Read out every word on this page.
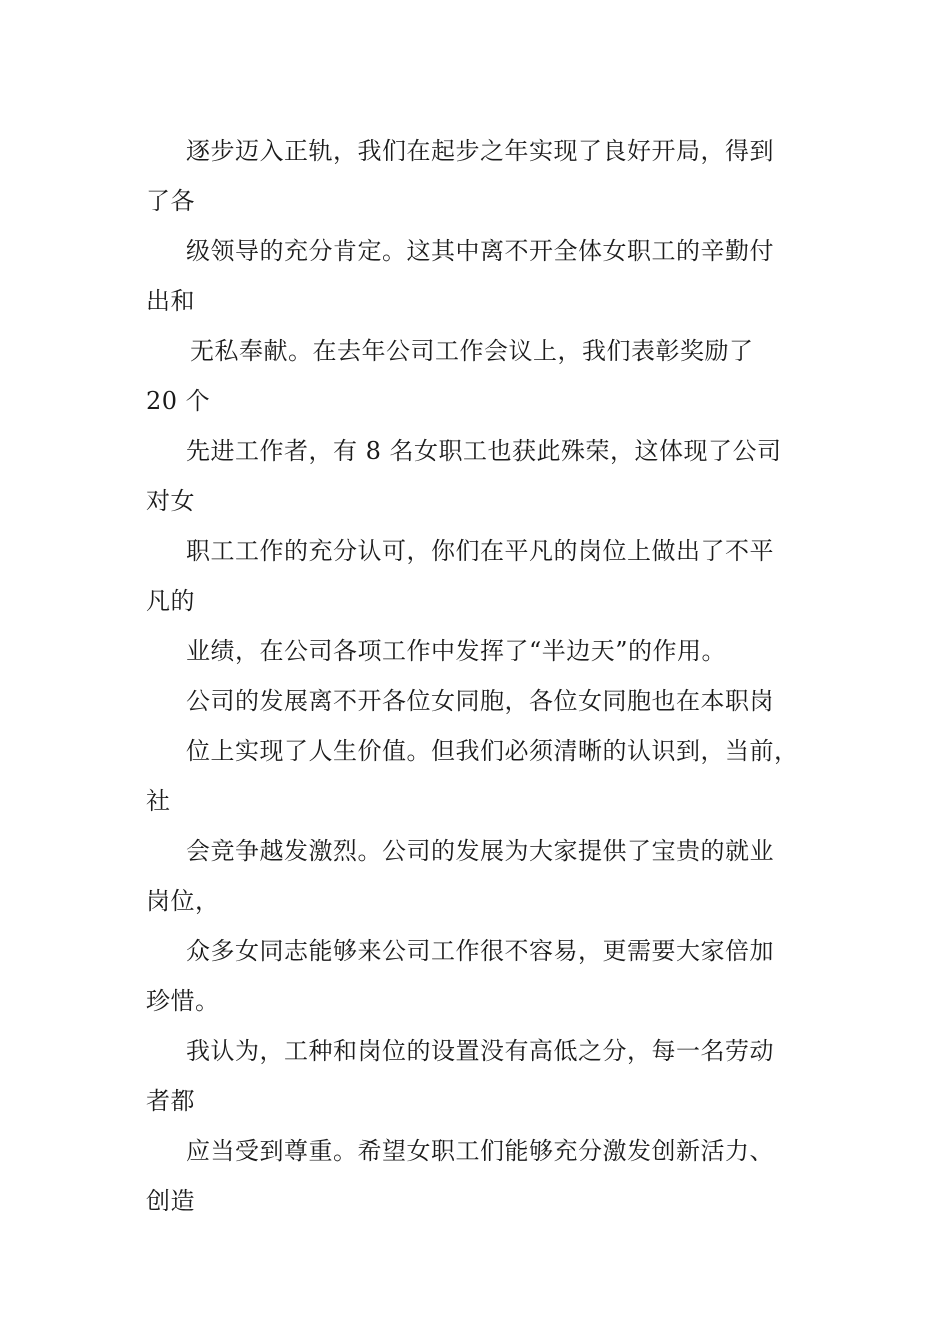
逐步迈入正轨，我们在起步之年实现了良好开局，得到
了各
级领导的充分肯定。这其中离不开全体女职工的辛勤付
出和
无私奉献。在去年公司工作会议上，我们表彰奖励了
20 个
先进工作者，有 8 名女职工也获此殊荣，这体现了公司
对女
职工工作的充分认可，你们在平凡的岗位上做出了不平
凡的
业绩，在公司各项工作中发挥了“半边天”的作用。
公司的发展离不开各位女同胞，各位女同胞也在本职岗
位上实现了人生价值。但我们必须清晰的认识到，当前，
社
会竞争越发激烈。公司的发展为大家提供了宝贵的就业
岗位，
众多女同志能够来公司工作很不容易，更需要大家倍加
珍惜。
我认为，工种和岗位的设置没有高低之分，每一名劳动
者都
应当受到尊重。希望女职工们能够充分激发创新活力、
创造
